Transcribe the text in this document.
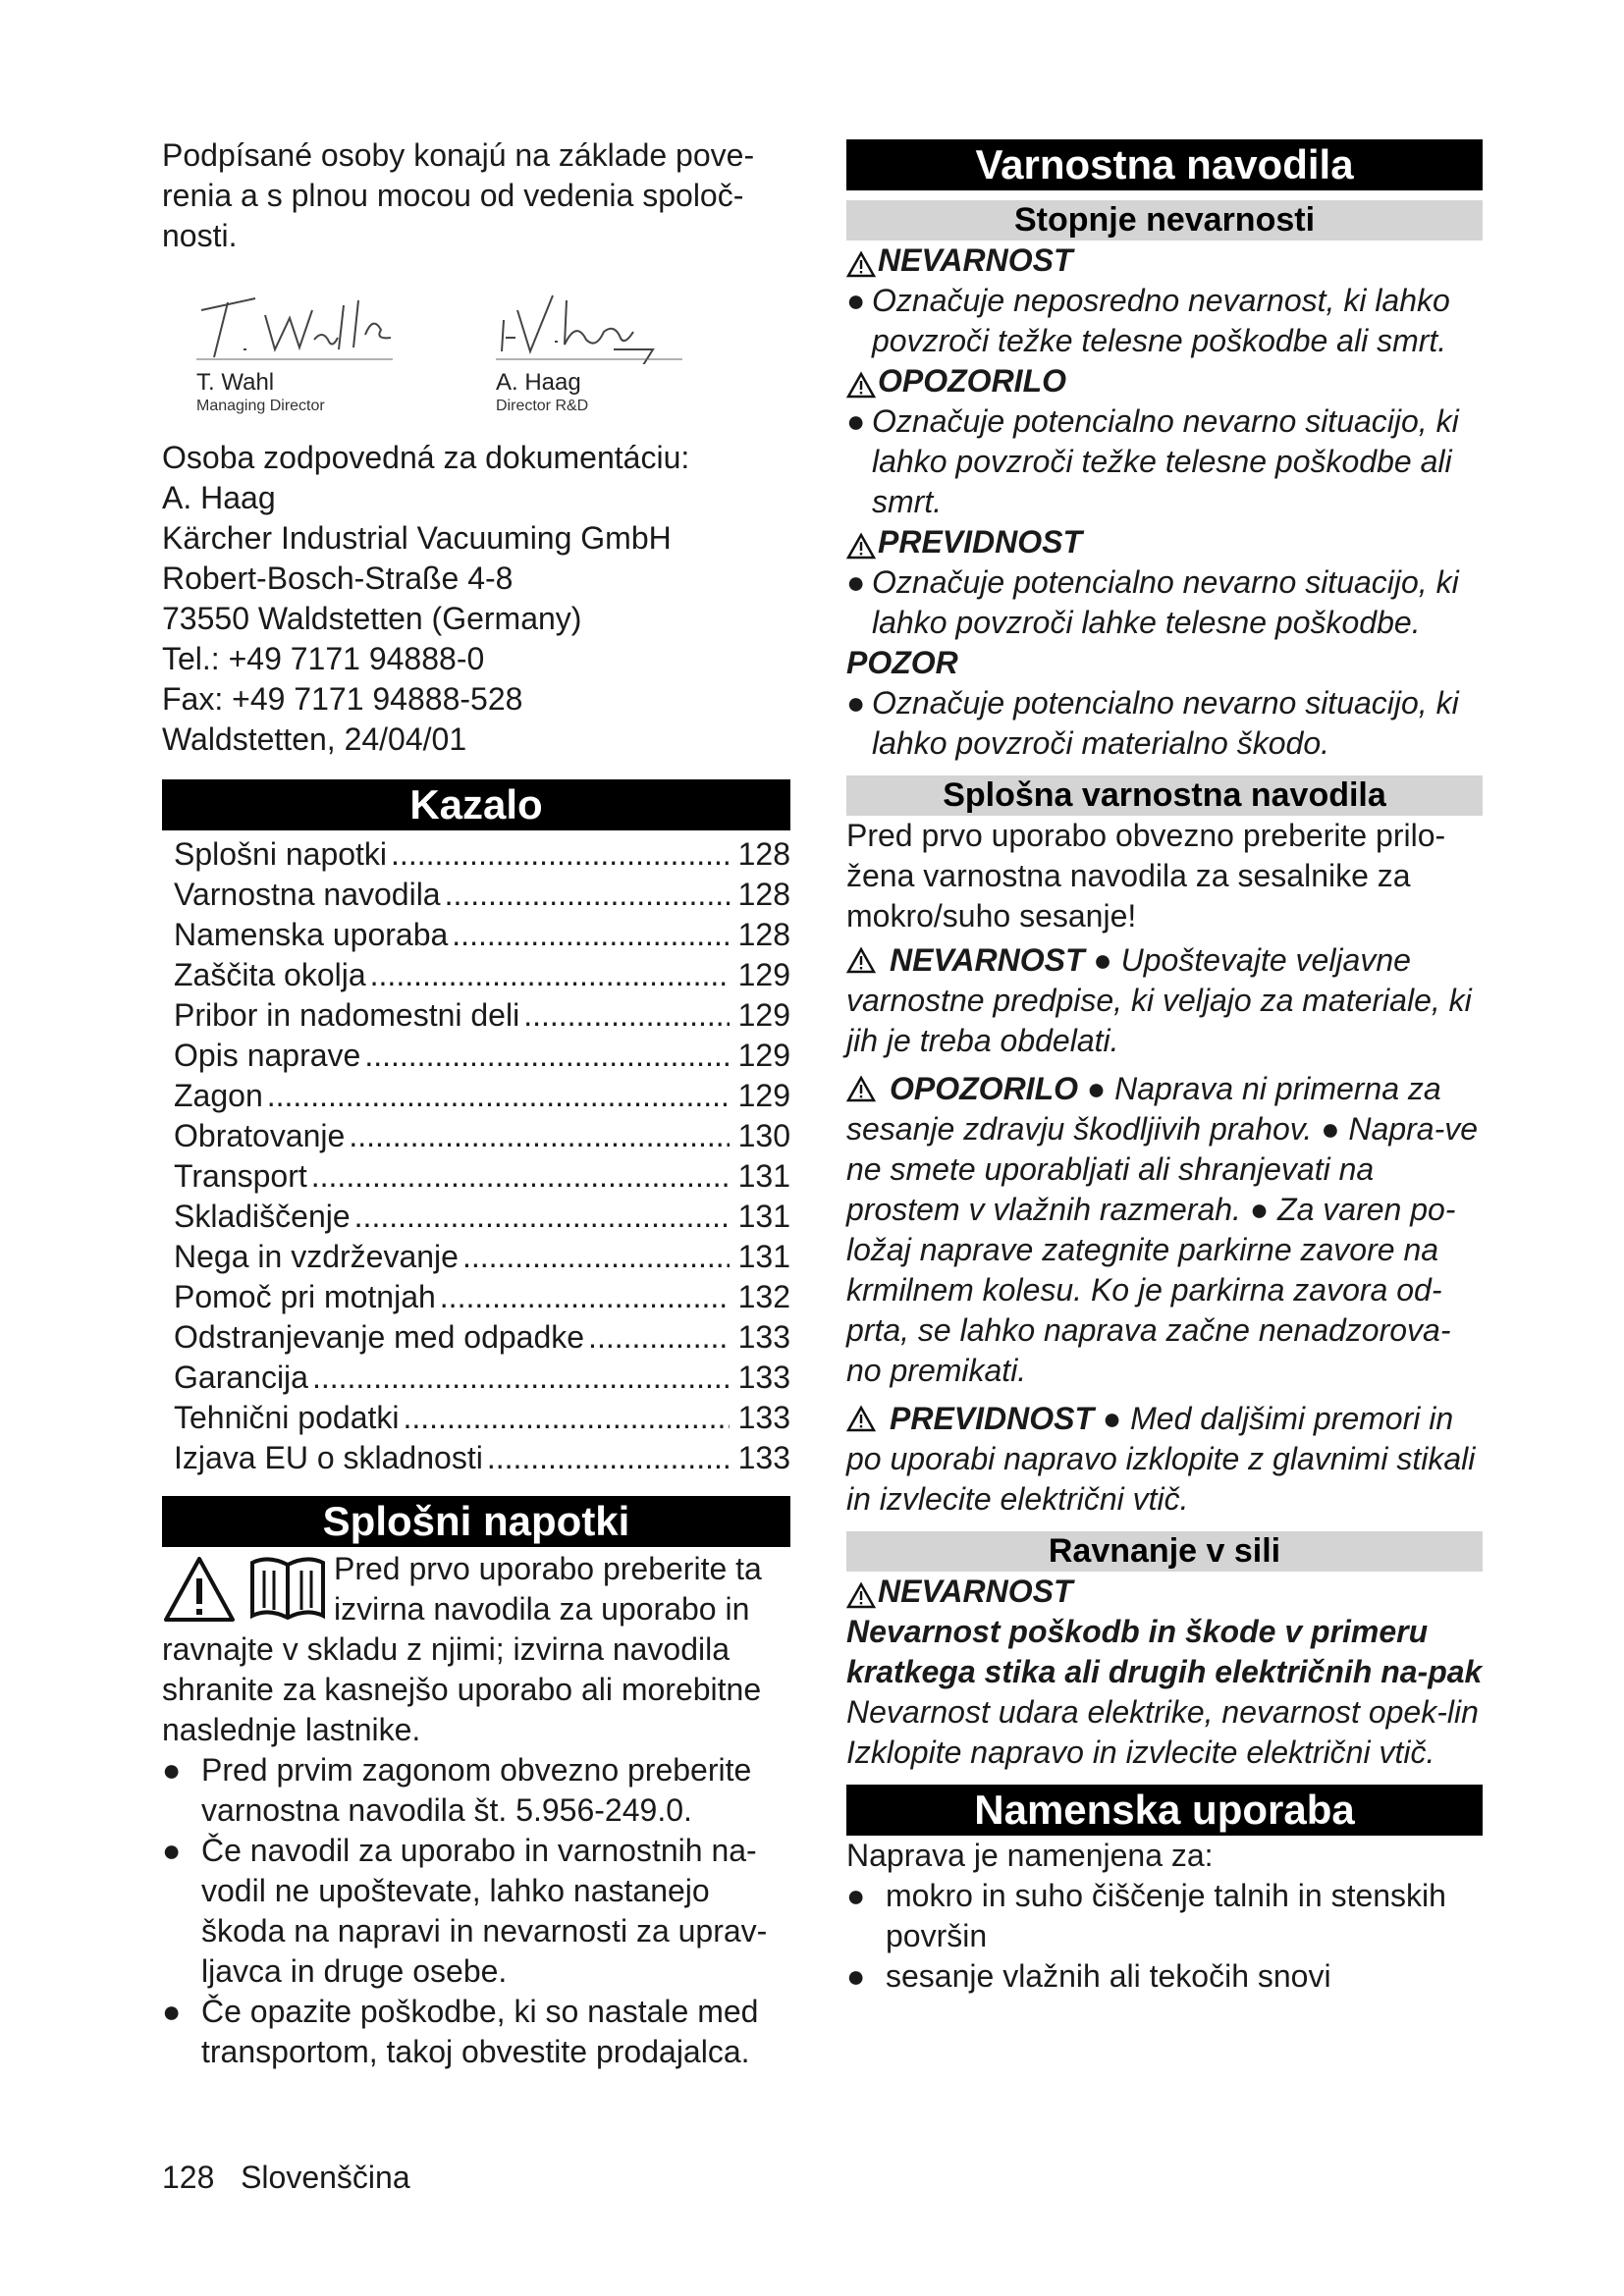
Podpísané osoby konajú na základe pove-renia a s plnou mocou od vedenia spoloč-nosti.

T. Wahl
Managing Director
A. Haag
Director R&D

Osoba zodpovedná za dokumentáciu:

A. Haag

Kärcher Industrial Vacuuming GmbH

Robert-Bosch-Straße 4-8

73550 Waldstetten (Germany)

Tel.: +49 7171 94888-0

Fax: +49 7171 94888-528

Waldstetten, 24/04/01

Kazalo
Splošni napotki .....	128
Varnostna navodila .....	128
Namenska uporaba .....	128
Zaščita okolja .....	129
Pribor in nadomestni deli .....	129
Opis naprave .....	129
Zagon .....	129
Obratovanje .....	130
Transport .....	131
Skladiščenje .....	131
Nega in vzdrževanje .....	131
Pomoč pri motnjah .....	132
Odstranjevanje med odpadke .....	133
Garancija .....	133
Tehnični podatki .....	133
Izjava EU o skladnosti .....	133
Splošni napotki

Pred prvo uporabo preberite ta izvirna navodila za uporabo in

ravnajte v skladu z njimi; izvirna navodila shranite za kasnejšo uporabo ali morebitne naslednje lastnike.

● Pred prvim zagonom obvezno preberite varnostna navodila št. 5.956-249.0.
● Če navodil za uporabo in varnostnih na-vodil ne upoštevate, lahko nastanejo škoda na napravi in nevarnosti za uprav-ljavca in druge osebe.
● Če opazite poškodbe, ki so nastale med transportom, takoj obvestite prodajalca.
Varnostna navodila
Stopnje nevarnosti
NEVARNOST
● Označuje neposredno nevarnost, ki lahko povzroči težke telesne poškodbe ali smrt.
OPOZORILO
● Označuje potencialno nevarno situacijo, ki lahko povzroči težke telesne poškodbe ali smrt.
PREVIDNOST
● Označuje potencialno nevarno situacijo, ki lahko povzroči lahke telesne poškodbe.
POZOR
● Označuje potencialno nevarno situacijo, ki lahko povzroči materialno škodo.
Splošna varnostna navodila

Pred prvo uporabo obvezno preberite prilo-žena varnostna navodila za sesalnike za mokro/suho sesanje!

NEVARNOST ● Upoštevajte veljavne varnostne predpise, ki veljajo za materiale, ki jih je treba obdelati.

OPOZORILO ● Naprava ni primerna za sesanje zdravju škodljivih prahov. ● Napra-ve ne smete uporabljati ali shranjevati na prostem v vlažnih razmerah. ● Za varen po-ložaj naprave zategnite parkirne zavore na krmilnem kolesu. Ko je parkirna zavora od-prta, se lahko naprava začne nenadzorova-no premikati.

PREVIDNOST ● Med daljšimi premori in po uporabi napravo izklopite z glavnimi stikali in izvlecite električni vtič.

Ravnanje v sili
NEVARNOST

Nevarnost poškodb in škode v primeru kratkega stika ali drugih električnih na-pak

Nevarnost udara elektrike, nevarnost opek-lin

Izklopite napravo in izvlecite električni vtič.

Namenska uporaba

Naprava je namenjena za:

● mokro in suho čiščenje talnih in stenskih površin
● sesanje vlažnih ali tekočih snovi
128 Slovenščina
